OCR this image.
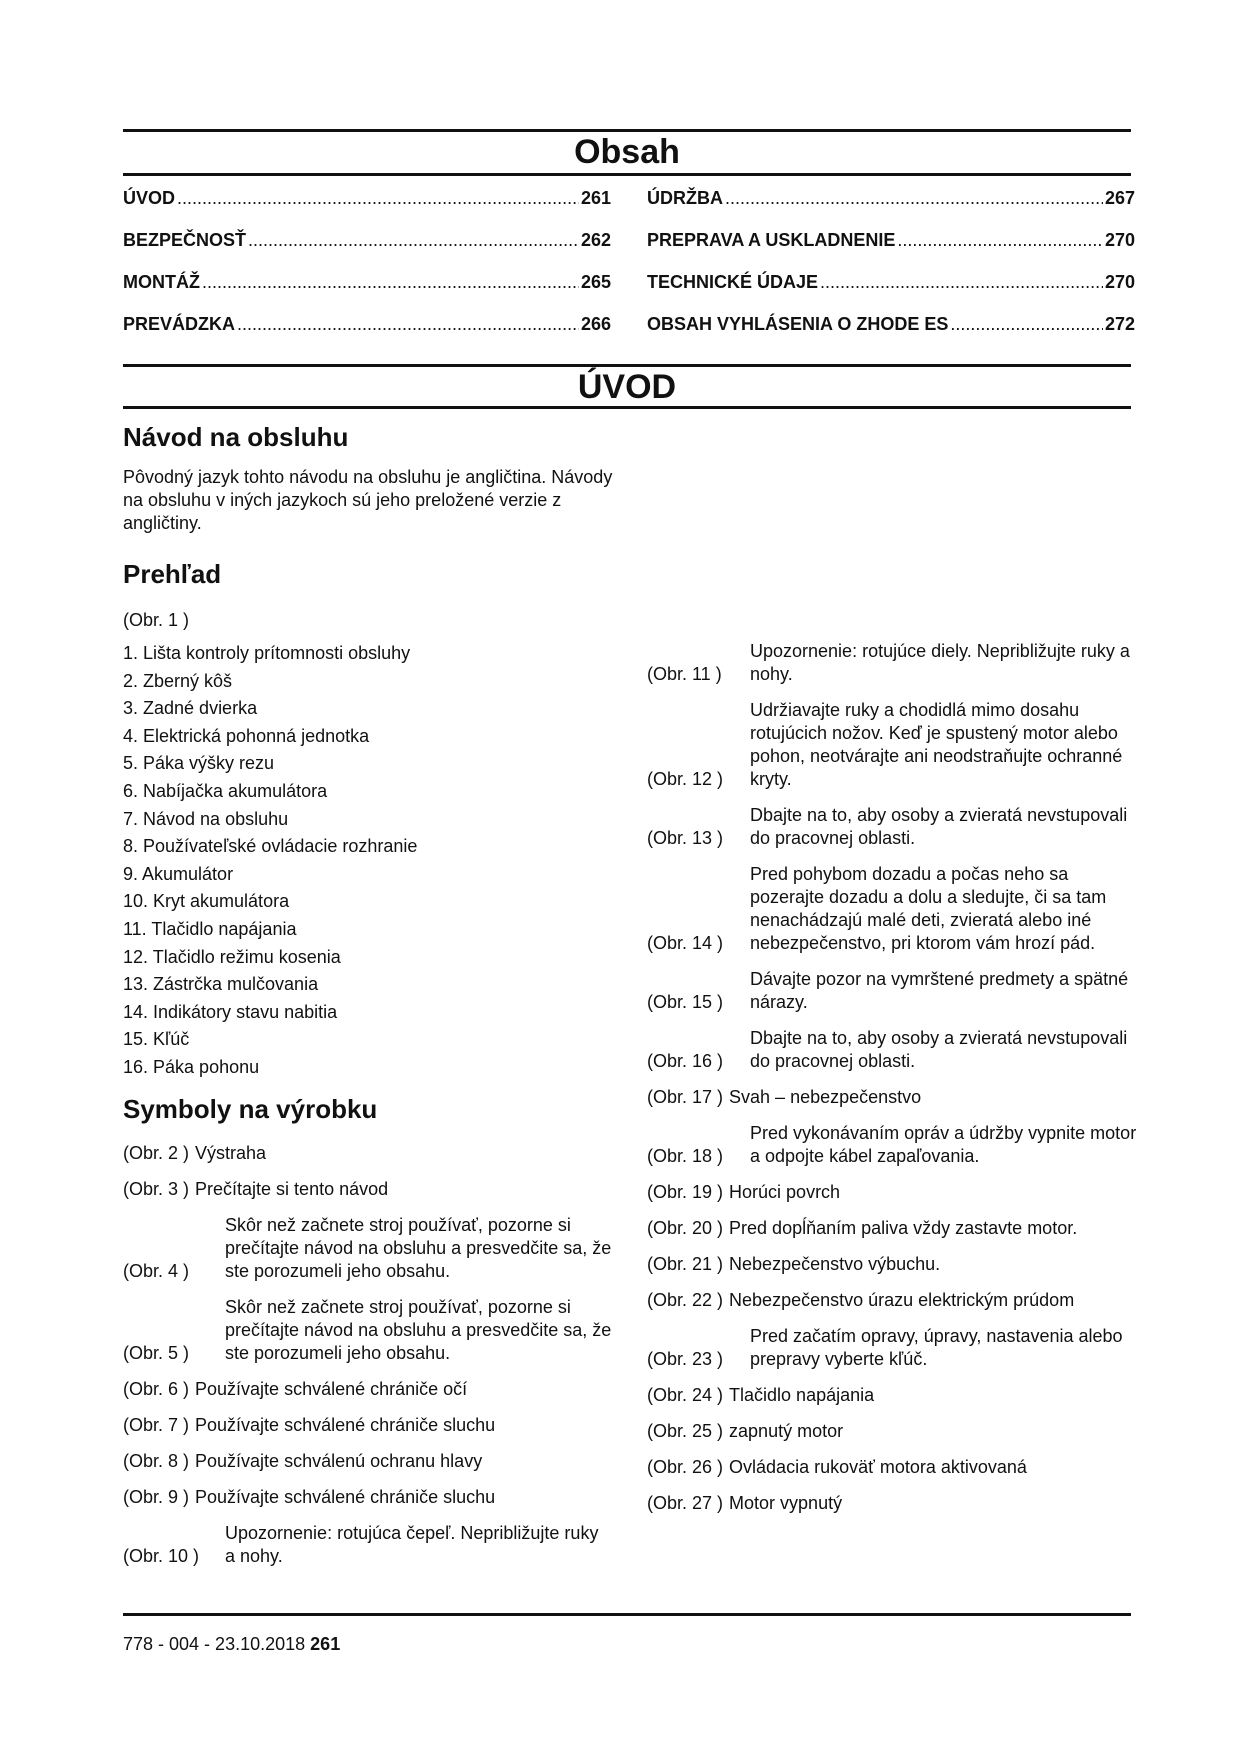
Obsah
ÚVOD .....	261
BEZPEČNOSŤ .....	262
MONTÁŽ .....	265
PREVÁDZKA .....	266
ÚDRŽBA .....	267
PREPRAVA A USKLADNENIE .....	270
TECHNICKÉ ÚDAJE .....	270
OBSAH VYHLÁSENIA O ZHODE ES .....	272
ÚVOD
Návod na obsluhu

Pôvodný jazyk tohto návodu na obsluhu je angličtina. Návody na obsluhu v iných jazykoch sú jeho preložené verzie z angličtiny.

Prehľad
(Obr. 1 )
1. Lišta kontroly prítomnosti obsluhy
2. Zberný kôš
3. Zadné dvierka
4. Elektrická pohonná jednotka
5. Páka výšky rezu
6. Nabíjačka akumulátora
7. Návod na obsluhu
8. Používateľské ovládacie rozhranie
9. Akumulátor
10. Kryt akumulátora
11. Tlačidlo napájania
12. Tlačidlo režimu kosenia
13. Zástrčka mulčovania
14. Indikátory stavu nabitia
15. Kľúč
16. Páka pohonu
Symboly na výrobku
(Obr. 2 ) Výstraha
(Obr. 3 ) Prečítajte si tento návod
(Obr. 4 )
Skôr než začnete stroj používať, pozorne si prečítajte návod na obsluhu a presvedčite sa, že ste porozumeli jeho obsahu.
(Obr. 5 )
Skôr než začnete stroj používať, pozorne si prečítajte návod na obsluhu a presvedčite sa, že ste porozumeli jeho obsahu.
(Obr. 6 ) Používajte schválené chrániče očí
(Obr. 7 ) Používajte schválené chrániče sluchu
(Obr. 8 ) Používajte schválenú ochranu hlavy
(Obr. 9 ) Používajte schválené chrániče sluchu
(Obr. 10 )
Upozornenie: rotujúca čepeľ. Nepribližujte ruky a nohy.
(Obr. 11 )
Upozornenie: rotujúce diely. Nepribližujte ruky a nohy.
(Obr. 12 )
Udržiavajte ruky a chodidlá mimo dosahu rotujúcich nožov. Keď je spustený motor alebo pohon, neotvárajte ani neodstraňujte ochranné kryty.
(Obr. 13 )
Dbajte na to, aby osoby a zvieratá nevstupovali do pracovnej oblasti.
(Obr. 14 )
Pred pohybom dozadu a počas neho sa pozerajte dozadu a dolu a sledujte, či sa tam nenachádzajú malé deti, zvieratá alebo iné nebezpečenstvo, pri ktorom vám hrozí pád.
(Obr. 15 )
Dávajte pozor na vymrštené predmety a spätné nárazy.
(Obr. 16 )
Dbajte na to, aby osoby a zvieratá nevstupovali do pracovnej oblasti.
(Obr. 17 ) Svah – nebezpečenstvo
(Obr. 18 )
Pred vykonávaním opráv a údržby vypnite motor a odpojte kábel zapaľovania.
(Obr. 19 ) Horúci povrch
(Obr. 20 ) Pred dopĺňaním paliva vždy zastavte motor.
(Obr. 21 ) Nebezpečenstvo výbuchu.
(Obr. 22 ) Nebezpečenstvo úrazu elektrickým prúdom
(Obr. 23 )
Pred začatím opravy, úpravy, nastavenia alebo prepravy vyberte kľúč.
(Obr. 24 ) Tlačidlo napájania
(Obr. 25 ) zapnutý motor
(Obr. 26 ) Ovládacia rukoväť motora aktivovaná
(Obr. 27 ) Motor vypnutý
778 - 004 - 23.10.2018 261
